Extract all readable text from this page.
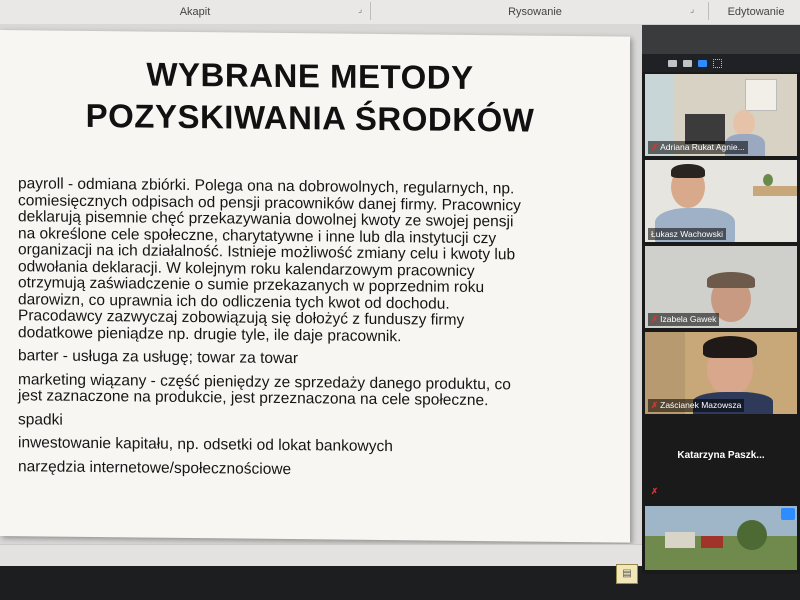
Akapit	⌟	Rysowanie	⌟	Edytowanie
WYBRANE METODY
POZYSKIWANIA ŚRODKÓW

payroll - odmiana zbiórki. Polega ona na dobrowolnych, regularnych, np.
comiesięcznych odpisach od pensji pracowników danej firmy. Pracownicy
deklarują pisemnie chęć przekazywania dowolnej kwoty ze swojej pensji
na określone cele społeczne, charytatywne i inne lub dla instytucji czy
organizacji na ich działalność. Istnieje możliwość zmiany celu i kwoty lub
odwołania deklaracji. W kolejnym roku kalendarzowym pracownicy
otrzymują zaświadczenie o sumie przekazanych w poprzednim roku
darowizn, co uprawnia ich do odliczenia tych kwot od dochodu.
Pracodawcy zazwyczaj zobowiązują się dołożyć z funduszy firmy
dodatkowe pieniądze np. drugie tyle, ile daje pracownik.

barter - usługa za usługę; towar za towar

marketing wiązany - część pieniędzy ze sprzedaży danego produktu, co
jest zaznaczone na produkcie, jest przeznaczona na cele społeczne.

spadki

inwestowanie kapitału, np. odsetki od lokat bankowych

narzędzia internetowe/społecznościowe

▤
✗ Adriana Rukat Agnie...
Łukasz Wachowski
✗ Izabela Gawek
✗ Zaścianek Mazowsza
Katarzyna Paszk...
✗
